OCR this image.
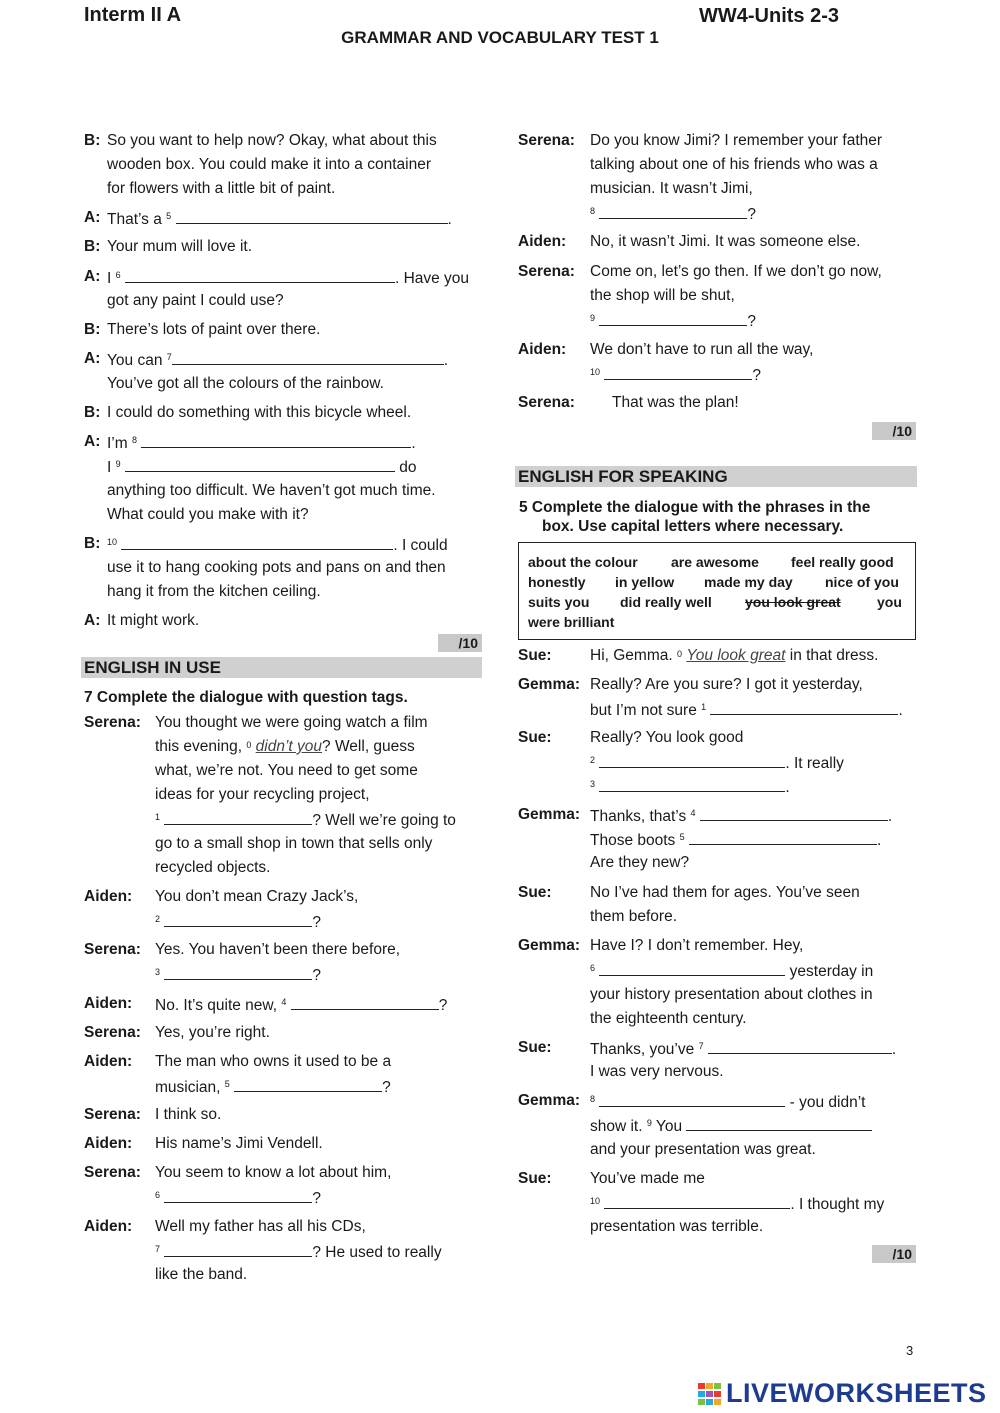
Interm II A	WW4-Units 2-3
GRAMMAR AND VOCABULARY TEST 1
B: So you want to help now? Okay, what about this
wooden box. You could make it into a container
for flowers with a little bit of paint.
A: That’s a $^5$	.
B: Your mum will love it.
A: I $^6$	. Have you
got any paint I could use?
B: There’s lots of paint over there.
A: You can $^7$	.
You’ve got all the colours of the rainbow.
B: I could do something with this bicycle wheel.
A: I’m $^8$	.
I $^9$	do
anything too difficult. We haven’t got much time.
What could you make with it?
B: $^{10}$	. I could
use it to hang cooking pots and pans on and then
hang it from the kitchen ceiling.
A: It might work.
/10
ENGLISH IN USE
7 Complete the dialogue with question tags.
Serena: You thought we were going watch a film
this evening, $^0$ didn’t you? Well, guess
what, we’re not. You need to get some
ideas for your recycling project,
$^1$	? Well we’re going to
go to a small shop in town that sells only
recycled objects.
Aiden: You don’t mean Crazy Jack’s,
$^2$	?
Serena: Yes. You haven’t been there before,
$^3$	?
Aiden: No. It’s quite new, $^4$	?
Serena: Yes, you’re right.
Aiden: The man who owns it used to be a
musician, $^5$	?
Serena: I think so.
Aiden: His name’s Jimi Vendell.
Serena: You seem to know a lot about him,
$^6$	?
Aiden: Well my father has all his CDs,
$^7$	? He used to really
like the band.
Serena: Do you know Jimi? I remember your father
talking about one of his friends who was a
musician. It wasn’t Jimi,
$^8$	?
Aiden: No, it wasn’t Jimi. It was someone else.
Serena: Come on, let’s go then. If we don’t go now,
the shop will be shut,
$^9$	?
Aiden: We don’t have to run all the way,
$^{10}$	?
Serena: That was the plan!
/10
ENGLISH FOR SPEAKING
5 Complete the dialogue with the phrases in the
box. Use capital letters where necessary.
about the colour are awesome feel really good
honestly in yellow made my day nice of you
suits you did really well you look great	you
were brilliant
Sue: Hi, Gemma. $^0$ You look great in that dress.
Gemma: Really? Are you sure? I got it yesterday,
but I’m not sure $^1$	.
Sue: Really? You look good
$^2$	. It really
$^3$	.
Gemma: Thanks, that’s $^4$	.
Those boots $^5$	.
Are they new?
Sue: No I’ve had them for ages. You’ve seen
them before.
Gemma: Have I? I don’t remember. Hey,
$^6$	yesterday in
your history presentation about clothes in
the eighteenth century.
Sue: Thanks, you’ve $^7$	.
I was very nervous.
Gemma: $^8$	- you didn’t
show it. $^9$ You
and your presentation was great.
Sue: You’ve made me
$^{10}$	. I thought my
presentation was terrible.
/10
3
LIVEWORKSHEETS
